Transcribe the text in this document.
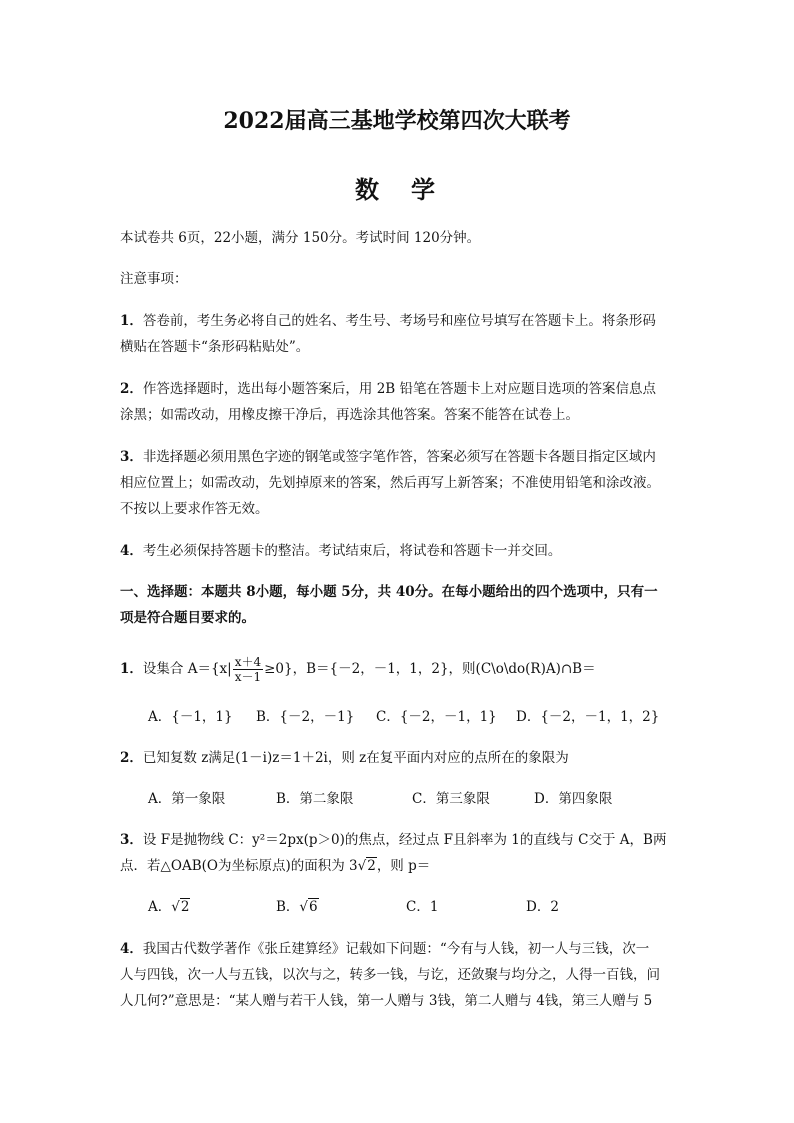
2022届高三基地学校第四次大联考
数　学
本试卷共 6页，22小题，满分 150分。考试时间 120分钟。
注意事项：
1．答卷前，考生务必将自己的姓名、考生号、考场号和座位号填写在答题卡上。将条形码
横贴在答题卡“条形码粘贴处”。
2．作答选择题时，选出每小题答案后，用 2B 铅笔在答题卡上对应题目选项的答案信息点
涂黑；如需改动，用橡皮擦干净后，再选涂其他答案。答案不能答在试卷上。
3．非选择题必须用黑色字迹的钢笔或签字笔作答，答案必须写在答题卡各题目指定区域内
相应位置上；如需改动，先划掉原来的答案，然后再写上新答案；不准使用铅笔和涂改液。
不按以上要求作答无效。
4．考生必须保持答题卡的整洁。考试结束后，将试卷和答题卡一并交回。
一、选择题：本题共 8小题，每小题 5分，共 40分。在每小题给出的四个选项中，只有一
项是符合题目要求的。
1．设集合 $A=\{x| \frac{x+4}{x-1} \ge 0\}$，B＝{－2，－1，1，2}，则(C\o\do(R)A)∩B＝
A．{－1，1} B．{－2，－1} C．{－2，－1，1} D．{－2，－1，1，2}
2．已知复数 z满足(1－i)z＝1＋2i，则 z在复平面内对应的点所在的象限为
A．第一象限	B．第二象限	C．第三象限	D．第四象限
3．设 F是抛物线 C：y²＝2px(p＞0)的焦点，经过点 F且斜率为 1的直线与 C交于 A，B两
点．若△OAB(O为坐标原点)的面积为 3√2，则 p＝
A．√2	B．√6	C．1	D．2
4．我国古代数学著作《张丘建算经》记载如下问题：“今有与人钱，初一人与三钱，次一
人与四钱，次一人与五钱，以次与之，转多一钱，与讫，还敛聚与均分之，人得一百钱，问
人几何?”意思是：“某人赠与若干人钱，第一人赠与 3钱，第二人赠与 4钱，第三人赠与 5
